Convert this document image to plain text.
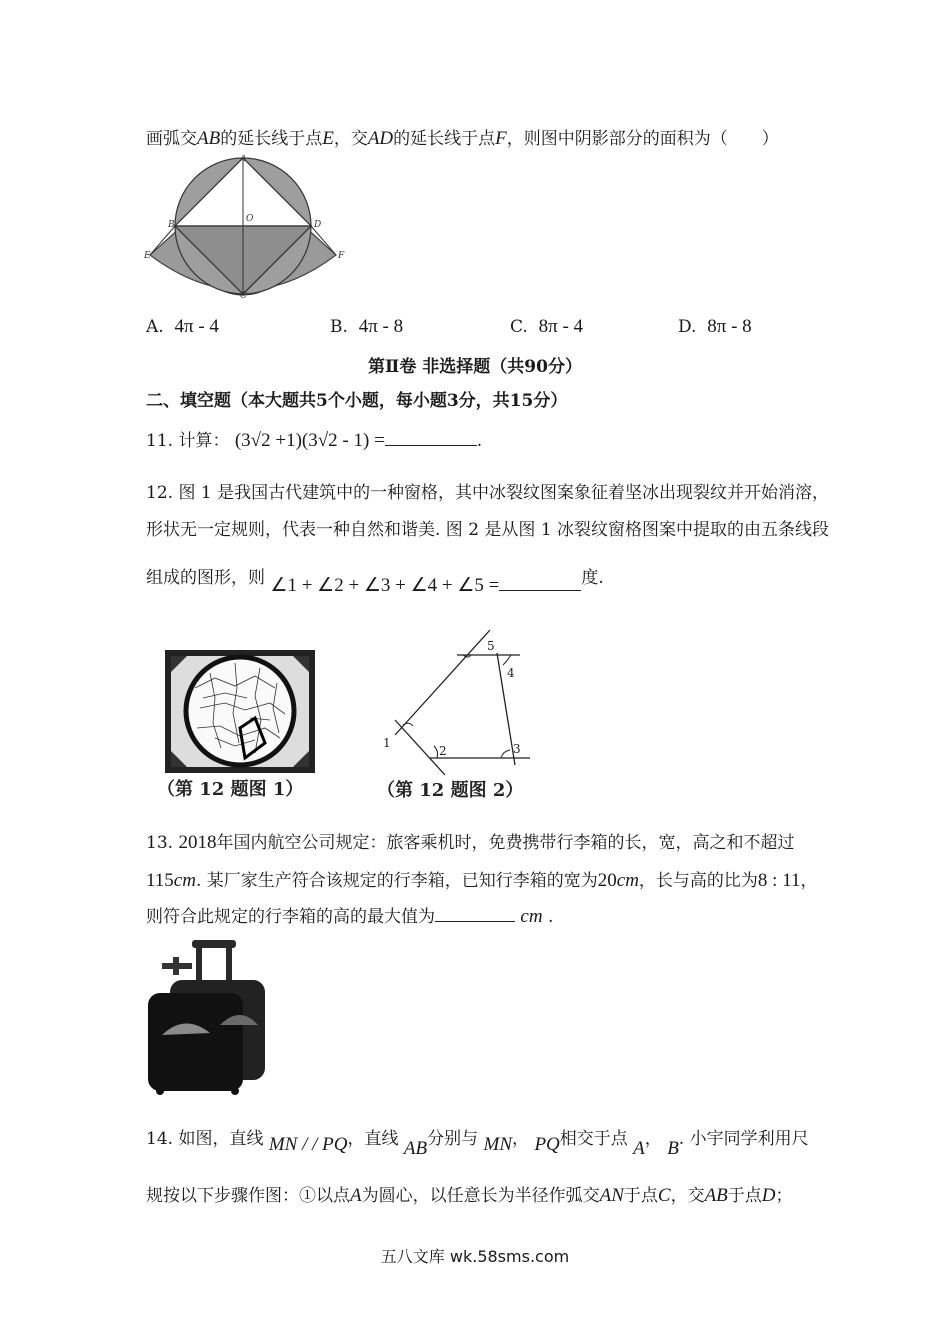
画弧交AB的延长线于点E，交AD的延长线于点F，则图中阴影部分的面积为（　　）
A
B	D
C
E	F
O
A. 4π - 4	B. 4π - 8	C. 8π - 4	D. 8π - 8
第Ⅱ卷 非选择题（共90分）
二、填空题（本大题共5个小题，每小题3分，共15分）
11. 计算： (3√2 +1)(3√2 - 1) =	.
12. 图 1 是我国古代建筑中的一种窗格，其中冰裂纹图案象征着坚冰出现裂纹并开始消溶，
形状无一定规则，代表一种自然和谐美. 图 2 是从图 1 冰裂纹窗格图案中提取的由五条线段
组成的图形，则 ∠1 + ∠2 + ∠3 + ∠4 + ∠5 =	度.
（第 12 题图 1）
1
2	3
4
5
（第 12 题图 2）
13. 2018年国内航空公司规定：旅客乘机时，免费携带行李箱的长，宽，高之和不超过
115cm. 某厂家生产符合该规定的行李箱，已知行李箱的宽为20cm，长与高的比为8 : 11，
则符合此规定的行李箱的高的最大值为	cm .
14. 如图，直线 MN / / PQ，直线 AB分别与 MN， PQ相交于点 A， B. 小宇同学利用尺
规按以下步骤作图：①以点A为圆心，以任意长为半径作弧交AN于点C，交AB于点D；
五八文库 wk.58sms.com
